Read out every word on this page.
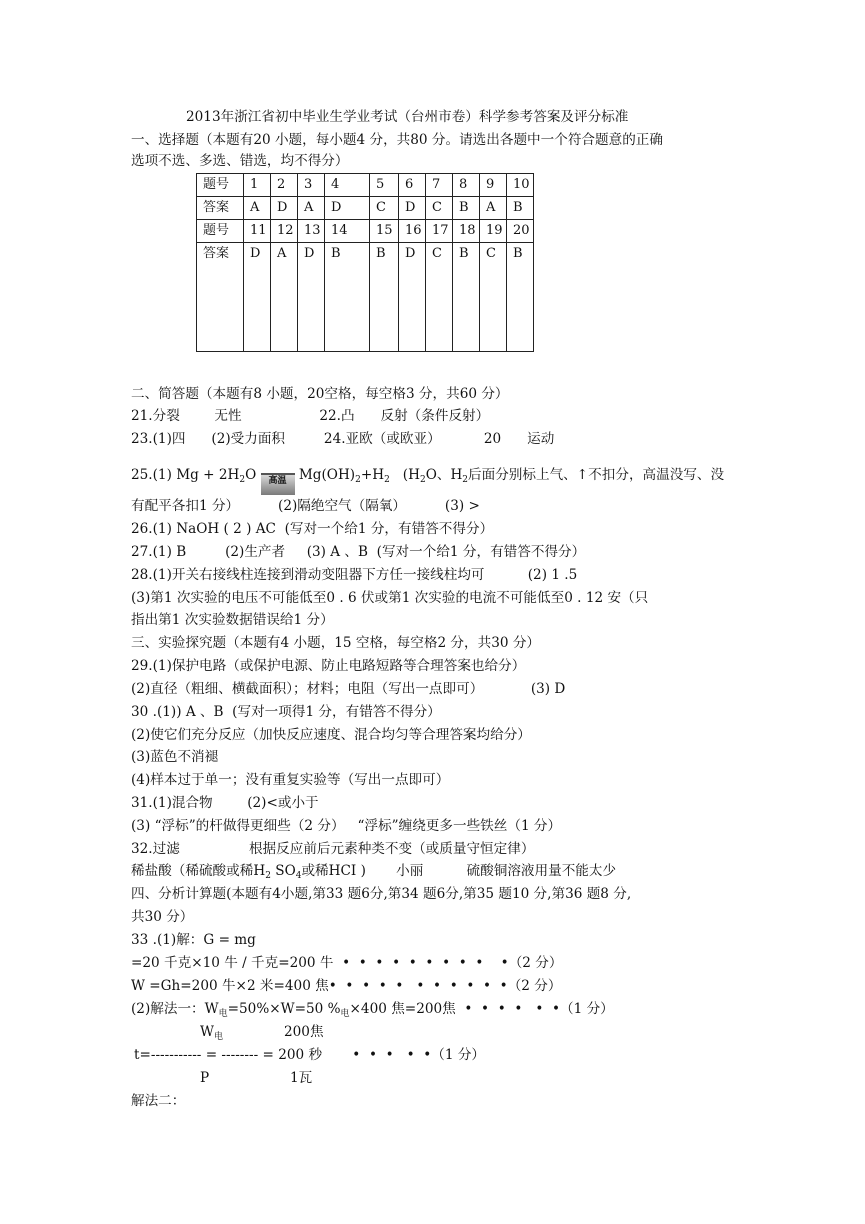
2013年浙江省初中毕业生学业考试（台州市卷）科学参考答案及评分标准
一、选择题（本题有20 小题，每小题4 分，共80 分。请选出各题中一个符合题意的正确
选项不选、多选、错选，均不得分）
题号	1	2	3	4	5	6	7	8	9	10
答案	A	D	A	D	C	D	C	B	A	B
题号	11	12	13	14	15	16	17	18	19	20
答案	D	A	D	B	B	D	C	B	C	B
二、简答题（本题有8 小题，20空格，每空格3 分，共60 分）
21.分裂        无性                  22.凸      反射（条件反射）
23.(1)四      (2)受力面积         24.亚欧（或欧亚）          20      运动
25.(1) $Mg + 2H_2O$ 高温 $Mg(OH)_2+H_2$   ($H_2O$、$H_2$后面分别标上气、↑不扣分，高温没写、没
有配平各扣1 分）         (2)隔绝空气（隔氧）         (3) >
26.(1) NaOH ( 2 ) AC  (写对一个给1 分，有错答不得分）
27.(1) B         (2)生产者     (3) A 、B  (写对一个给1 分，有错答不得分）
28.(1)开关右接线柱连接到滑动变阻器下方任一接线柱均可          (2) 1 .5
(3)第1 次实验的电压不可能低至0 . 6 伏或第1 次实验的电流不可能低至0 . 12 安（只
指出第1 次实验数据错误给1 分）
三、实验探究题（本题有4 小题，15 空格，每空格2 分，共30 分）
29.(1)保护电路（或保护电源、防止电路短路等合理答案也给分）
(2)直径（粗细、横截面积）；材料；电阻（写出一点即可）           (3) D
30 .(1)) A 、B  (写对一项得1 分，有错答不得分）
(2)使它们充分反应（加快反应速度、混合均匀等合理答案均给分）
(3)蓝色不消褪
(4)样本过于单一；没有重复实验等（写出一点即可）
31.(1)混合物        (2)<或小于
(3) “浮标”的杆做得更细些（2 分）   “浮标”缠绕更多一些铁丝（1 分）
32.过滤                根据反应前后元素种类不变（或质量守恒定律）
稀盐酸（稀硫酸或稀$H_2$ $SO_4$或稀HCI )       小丽          硫酸铜溶液用量不能太少
四、分析计算题(本题有4小题,第33 题6分,第34 题6分,第35 题10 分,第36 题8 分,
共30 分）
33 .(1)解：G = mg
=20 千克×10 牛 / 千克=200 牛  •  •  •  •  •  •  •  •  •    •（2 分）
W =Gh=200 牛×2 米=400 焦•  •  •  •  •   •  •  •  •  •  •（2 分）
(2)解法一：$W_电=50\%\times W=50$ $\%_电\times 400$ 焦=200焦  •  •  •  •   •  •（1 分）
$W_电$	200焦
t=----------- = -------- = 200 秒       •  •  •   •  •（1 分）
P	1瓦
解法二：
